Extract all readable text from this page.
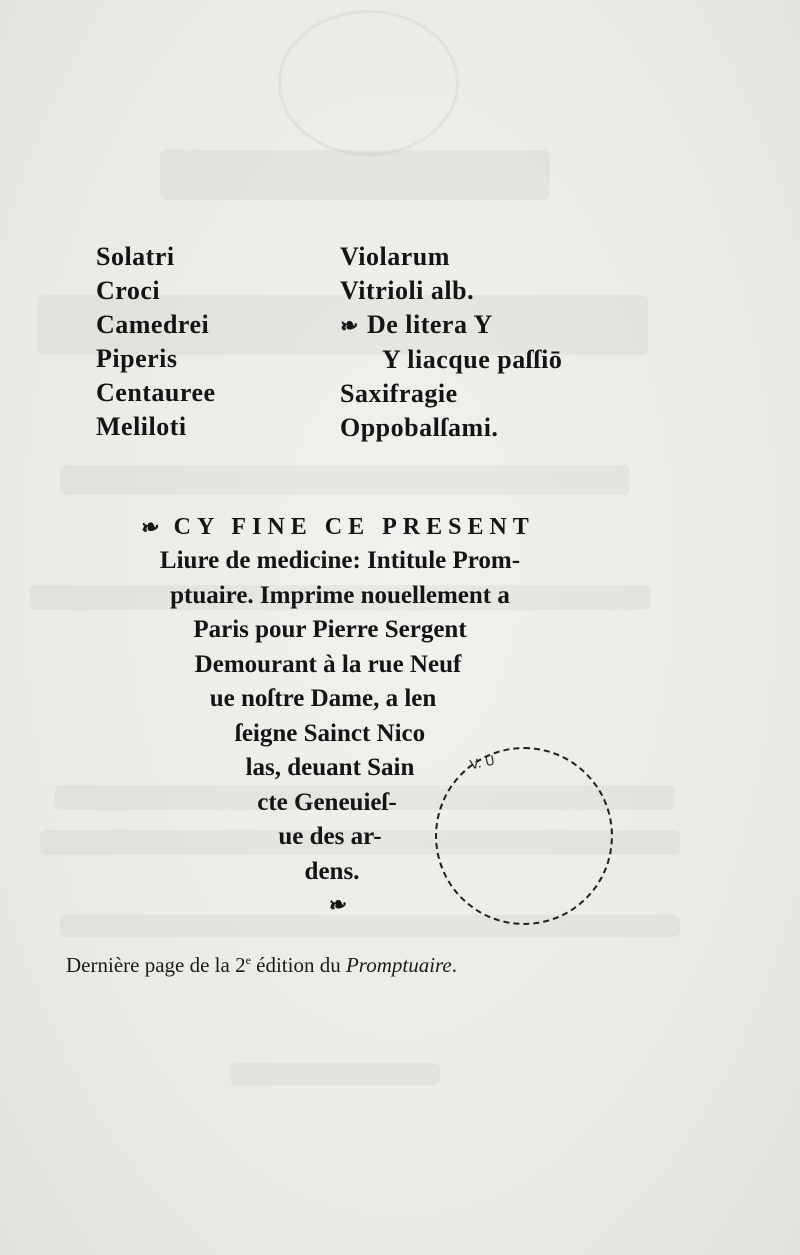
Solatri
Croci
Camedrei
Piperis
Centauree
Meliloti
Violarum
Vitrioli alb.
❧ De litera Y
Y liacque paſſiō
Saxifragie
Oppobalſami.
❧ CY FINE CE PRESENT
Liure de medicine: Intitule Prom-
ptuaire. Imprime nouellement a
Paris pour Pierre Sergent
Demourant à la rue Neuf
ue noſtre Dame, a len
ſeigne Sainct Nico
las, deuant Sain
cte Geneuieſ-
ue des ar-
dens.
❧
V. U
Dernière page de la 2e édition du Promptuaire.
